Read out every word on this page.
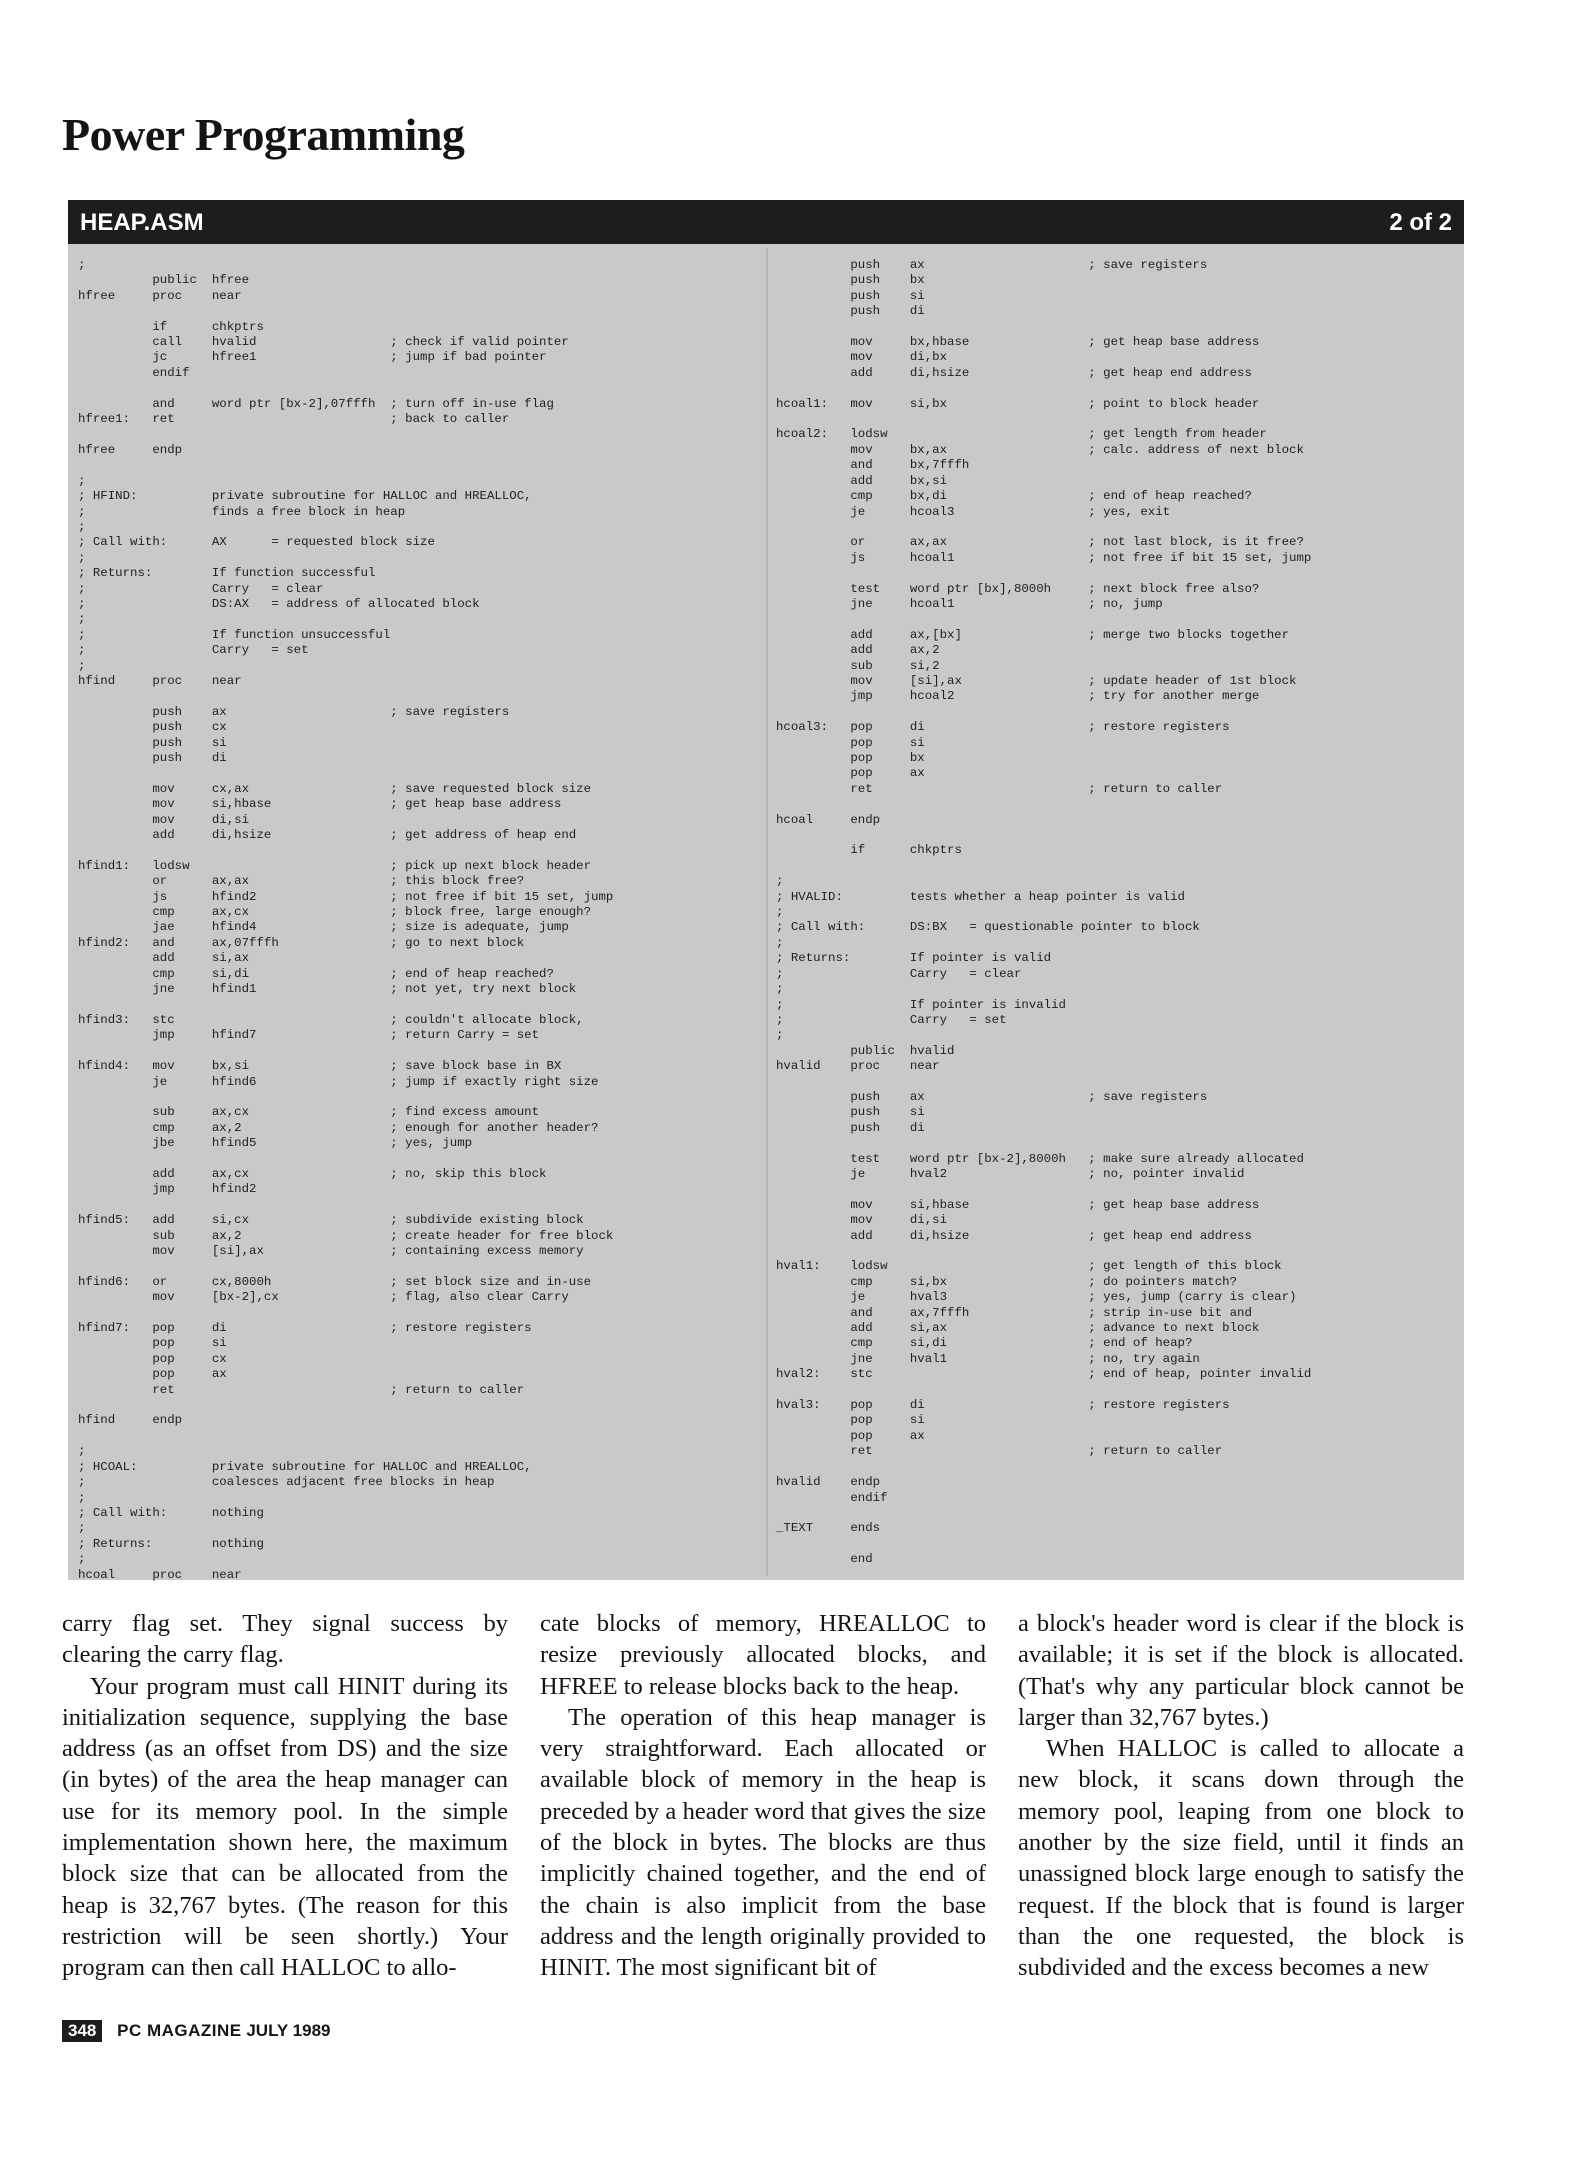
Power Programming
HEAP.ASM	2 of 2
;
public  hfree
hfree     proc    near

if      chkptrs
call    hvalid                  ; check if valid pointer
jc      hfree1                  ; jump if bad pointer
endif

and     word ptr [bx-2],07fffh  ; turn off in-use flag
hfree1:   ret                             ; back to caller

hfree     endp

;
; HFIND:          private subroutine for HALLOC and HREALLOC,
;                 finds a free block in heap
;
; Call with:      AX      = requested block size
;
; Returns:        If function successful
;                 Carry   = clear
;                 DS:AX   = address of allocated block
;
;                 If function unsuccessful
;                 Carry   = set
;
hfind     proc    near

push    ax                      ; save registers
push    cx
push    si
push    di

mov     cx,ax                   ; save requested block size
mov     si,hbase                ; get heap base address
mov     di,si
add     di,hsize                ; get address of heap end

hfind1:   lodsw                           ; pick up next block header
or      ax,ax                   ; this block free?
js      hfind2                  ; not free if bit 15 set, jump
cmp     ax,cx                   ; block free, large enough?
jae     hfind4                  ; size is adequate, jump
hfind2:   and     ax,07fffh               ; go to next block
add     si,ax
cmp     si,di                   ; end of heap reached?
jne     hfind1                  ; not yet, try next block

hfind3:   stc                             ; couldn't allocate block,
jmp     hfind7                  ; return Carry = set

hfind4:   mov     bx,si                   ; save block base in BX
je      hfind6                  ; jump if exactly right size

sub     ax,cx                   ; find excess amount
cmp     ax,2                    ; enough for another header?
jbe     hfind5                  ; yes, jump

add     ax,cx                   ; no, skip this block
jmp     hfind2

hfind5:   add     si,cx                   ; subdivide existing block
sub     ax,2                    ; create header for free block
mov     [si],ax                 ; containing excess memory

hfind6:   or      cx,8000h                ; set block size and in-use
mov     [bx-2],cx               ; flag, also clear Carry

hfind7:   pop     di                      ; restore registers
pop     si
pop     cx
pop     ax
ret                             ; return to caller

hfind     endp

;
; HCOAL:          private subroutine for HALLOC and HREALLOC,
;                 coalesces adjacent free blocks in heap
;
; Call with:      nothing
;
; Returns:        nothing
;
hcoal     proc    near
push    ax                      ; save registers
push    bx
push    si
push    di

mov     bx,hbase                ; get heap base address
mov     di,bx
add     di,hsize                ; get heap end address

hcoal1:   mov     si,bx                   ; point to block header

hcoal2:   lodsw                           ; get length from header
mov     bx,ax                   ; calc. address of next block
and     bx,7fffh
add     bx,si
cmp     bx,di                   ; end of heap reached?
je      hcoal3                  ; yes, exit

or      ax,ax                   ; not last block, is it free?
js      hcoal1                  ; not free if bit 15 set, jump

test    word ptr [bx],8000h     ; next block free also?
jne     hcoal1                  ; no, jump

add     ax,[bx]                 ; merge two blocks together
add     ax,2
sub     si,2
mov     [si],ax                 ; update header of 1st block
jmp     hcoal2                  ; try for another merge

hcoal3:   pop     di                      ; restore registers
pop     si
pop     bx
pop     ax
ret                             ; return to caller

hcoal     endp

if      chkptrs

;
; HVALID:         tests whether a heap pointer is valid
;
; Call with:      DS:BX   = questionable pointer to block
;
; Returns:        If pointer is valid
;                 Carry   = clear
;
;                 If pointer is invalid
;                 Carry   = set
;
public  hvalid
hvalid    proc    near

push    ax                      ; save registers
push    si
push    di

test    word ptr [bx-2],8000h   ; make sure already allocated
je      hval2                   ; no, pointer invalid

mov     si,hbase                ; get heap base address
mov     di,si
add     di,hsize                ; get heap end address

hval1:    lodsw                           ; get length of this block
cmp     si,bx                   ; do pointers match?
je      hval3                   ; yes, jump (carry is clear)
and     ax,7fffh                ; strip in-use bit and
add     si,ax                   ; advance to next block
cmp     si,di                   ; end of heap?
jne     hval1                   ; no, try again
hval2:    stc                             ; end of heap, pointer invalid

hval3:    pop     di                      ; restore registers
pop     si
pop     ax
ret                             ; return to caller

hvalid    endp
endif

_TEXT     ends

end

carry flag set. They signal success by clearing the carry flag.

Your program must call HINIT during its initialization sequence, supplying the base address (as an offset from DS) and the size (in bytes) of the area the heap manager can use for its memory pool. In the simple implementation shown here, the maximum block size that can be allocated from the heap is 32,767 bytes. (The reason for this restriction will be seen shortly.) Your program can then call HALLOC to allo-

cate blocks of memory, HREALLOC to resize previously allocated blocks, and HFREE to release blocks back to the heap.

The operation of this heap manager is very straightforward. Each allocated or available block of memory in the heap is preceded by a header word that gives the size of the block in bytes. The blocks are thus implicitly chained together, and the end of the chain is also implicit from the base address and the length originally provided to HINIT. The most significant bit of

a block's header word is clear if the block is available; it is set if the block is allocated. (That's why any particular block cannot be larger than 32,767 bytes.)

When HALLOC is called to allocate a new block, it scans down through the memory pool, leaping from one block to another by the size field, until it finds an unassigned block large enough to satisfy the request. If the block that is found is larger than the one requested, the block is subdivided and the excess becomes a new

348 PC MAGAZINE JULY 1989
